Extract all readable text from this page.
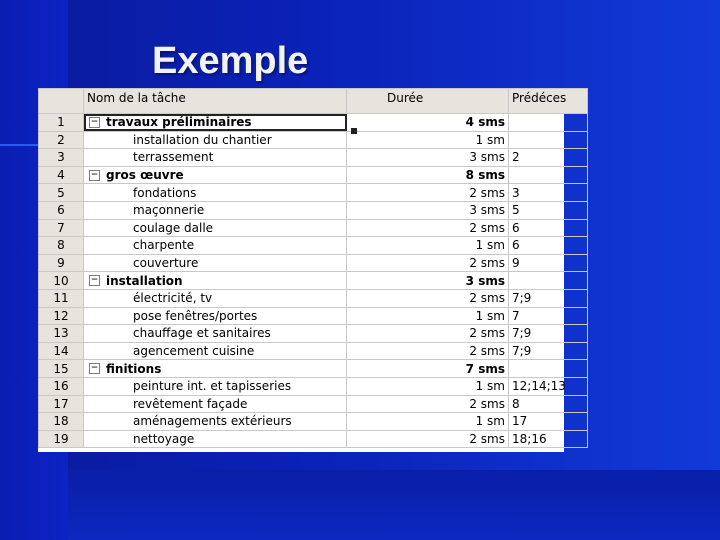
Exemple
	Nom de la tâche	Durée	Prédéces
1	− travaux préliminaires	4 sms	
2	installation du chantier	1 sm	
3	terrassement	3 sms	2
4	− gros œuvre	8 sms	
5	fondations	2 sms	3
6	maçonnerie	3 sms	5
7	coulage dalle	2 sms	6
8	charpente	1 sm	6
9	couverture	2 sms	9
10	− installation	3 sms	
11	électricité, tv	2 sms	7;9
12	pose fenêtres/portes	1 sm	7
13	chauffage et sanitaires	2 sms	7;9
14	agencement cuisine	2 sms	7;9
15	− finitions	7 sms	
16	peinture int. et tapisseries	1 sm	12;14;13
17	revêtement façade	2 sms	8
18	aménagements extérieurs	1 sm	17
19	nettoyage	2 sms	18;16
